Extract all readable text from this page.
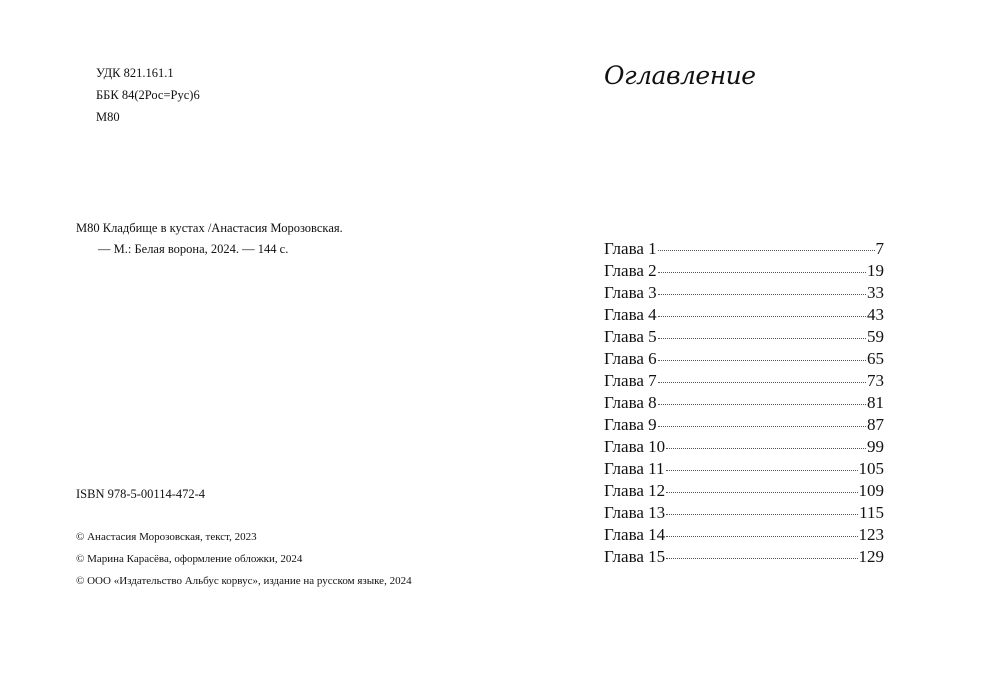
УДК 821.161.1
ББК 84(2Рос=Рус)6
М80
М80 Кладбище в кустах /Анастасия Морозовская.
— М.: Белая ворона, 2024. — 144 с.
ISBN 978-5-00114-472-4
© Анастасия Морозовская, текст, 2023
© Марина Карасёва, оформление обложки, 2024
© ООО «Издательство Альбус корвус», издание на русском языке, 2024
Оглавление
Глава 1	7
Глава 2	19
Глава 3	33
Глава 4	43
Глава 5	59
Глава 6	65
Глава 7	73
Глава 8	81
Глава 9	87
Глава 10	99
Глава 11	105
Глава 12	109
Глава 13	115
Глава 14	123
Глава 15	129
